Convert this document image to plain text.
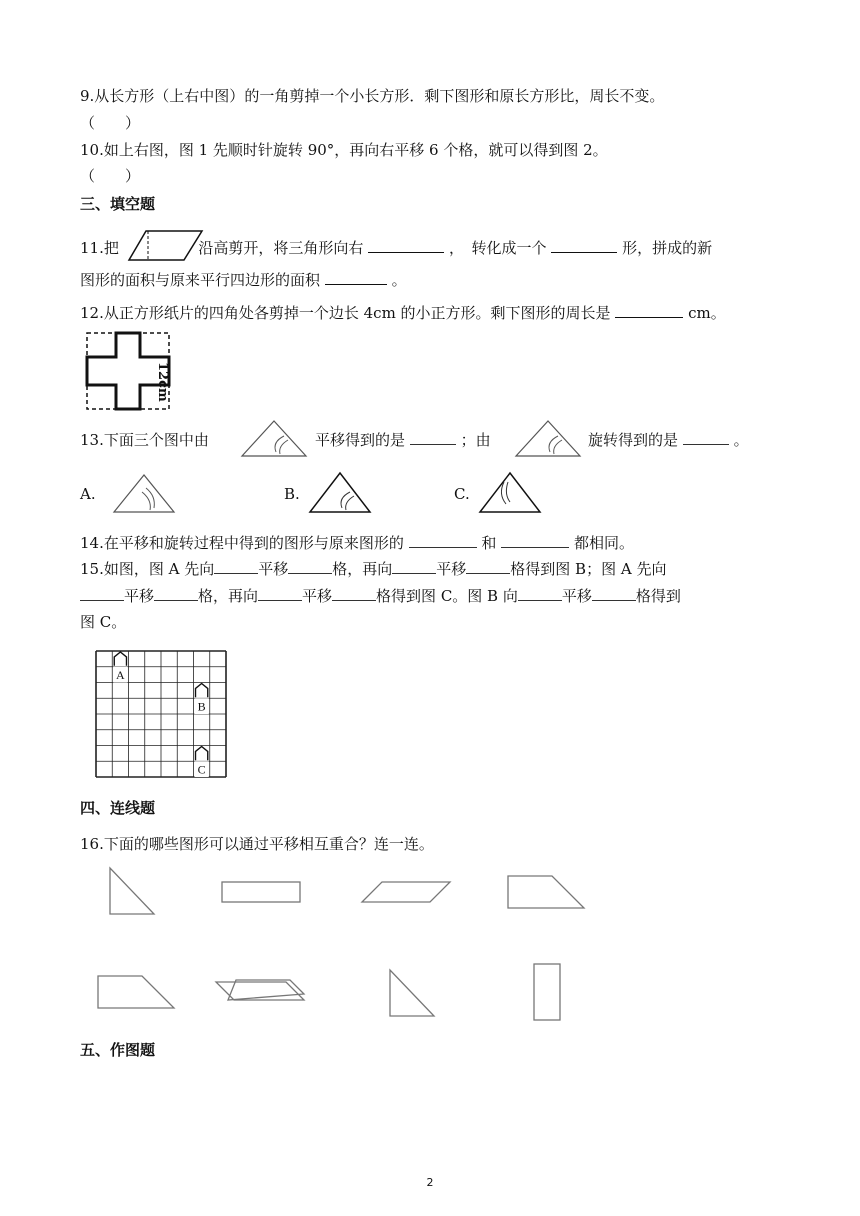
9.从长方形（上右中图）的一角剪掉一个小长方形．剩下图形和原长方形比，周长不变。
（　　）
10.如上右图，图 1 先顺时针旋转 90°，再向右平移 6 个格，就可以得到图 2。
（　　）
三、填空题
11.把	沿高剪开，将三角形向右	，　转化成一个	形，拼成的新
图形的面积与原来平行四边形的面积	。
12.从正方形纸片的四角处各剪掉一个边长 4cm 的小正方形。剩下图形的周长是	cm。
12cm
13.下面三个图中由	平移得到的是	；由	旋转得到的是	。
A.	B.	C.
14.在平移和旋转过程中得到的图形与原来图形的	和	都相同。
15.如图，图 A 先向	平移	格，再向	平移	格得到图 B；图 A 先向
平移	格，再向	平移	格得到图 C。图 B 向	平移	格得到
图 C。
A
B
C
四、连线题
16.下面的哪些图形可以通过平移相互重合？连一连。
五、作图题
2
